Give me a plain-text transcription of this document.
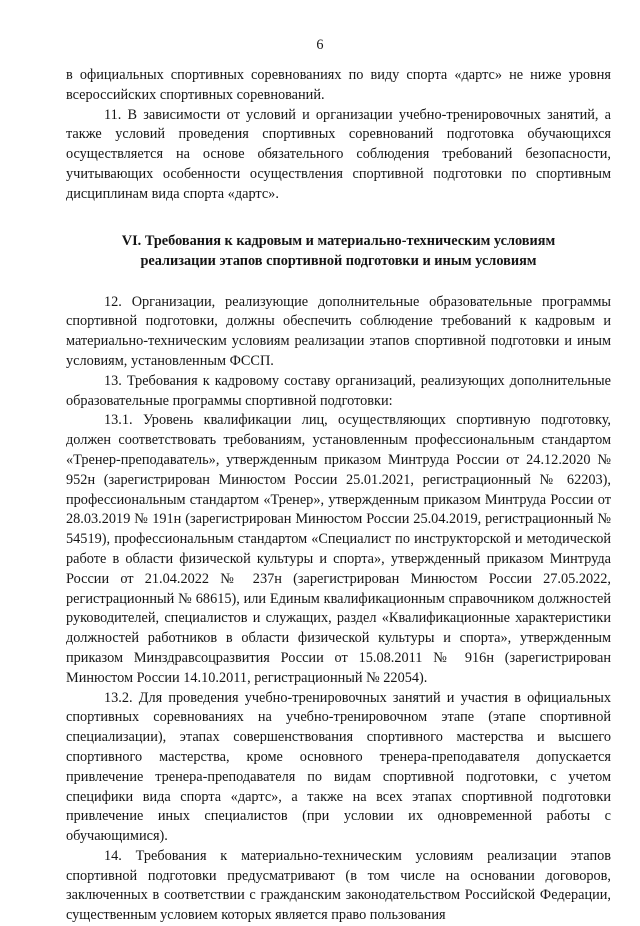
6

в официальных спортивных соревнованиях по виду спорта «дартс» не ниже уровня всероссийских спортивных соревнований.

11. В зависимости от условий и организации учебно-тренировочных занятий, а также условий проведения спортивных соревнований подготовка обучающихся осуществляется на основе обязательного соблюдения требований безопасности, учитывающих особенности осуществления спортивной подготовки по спортивным дисциплинам вида спорта «дартс».

VI. Требования к кадровым и материально-техническим условиям
реализации этапов спортивной подготовки и иным условиям

12. Организации, реализующие дополнительные образовательные программы спортивной подготовки, должны обеспечить соблюдение требований к кадровым и материально-техническим условиям реализации этапов спортивной подготовки и иным условиям, установленным ФССП.

13. Требования к кадровому составу организаций, реализующих дополнительные образовательные программы спортивной подготовки:

13.1. Уровень квалификации лиц, осуществляющих спортивную подготовку, должен соответствовать требованиям, установленным профессиональным стандартом «Тренер-преподаватель», утвержденным приказом Минтруда России от 24.12.2020 № 952н (зарегистрирован Минюстом России 25.01.2021, регистрационный № 62203), профессиональным стандартом «Тренер», утвержденным приказом Минтруда России от 28.03.2019 № 191н (зарегистрирован Минюстом России 25.04.2019, регистрационный № 54519), профессиональным стандартом «Специалист по инструкторской и методической работе в области физической культуры и спорта», утвержденный приказом Минтруда России от 21.04.2022 № 237н (зарегистрирован Минюстом России 27.05.2022, регистрационный № 68615), или Единым квалификационным справочником должностей руководителей, специалистов и служащих, раздел «Квалификационные характеристики должностей работников в области физической культуры и спорта», утвержденным приказом Минздравсоцразвития России от 15.08.2011 № 916н (зарегистрирован Минюстом России 14.10.2011, регистрационный № 22054).

13.2. Для проведения учебно-тренировочных занятий и участия в официальных спортивных соревнованиях на учебно-тренировочном этапе (этапе спортивной специализации), этапах совершенствования спортивного мастерства и высшего спортивного мастерства, кроме основного тренера-преподавателя допускается привлечение тренера-преподавателя по видам спортивной подготовки, с учетом специфики вида спорта «дартс», а также на всех этапах спортивной подготовки привлечение иных специалистов (при условии их одновременной работы с обучающимися).

14. Требования к материально-техническим условиям реализации этапов спортивной подготовки предусматривают (в том числе на основании договоров, заключенных в соответствии с гражданским законодательством Российской Федерации, существенным условием которых является право пользования
